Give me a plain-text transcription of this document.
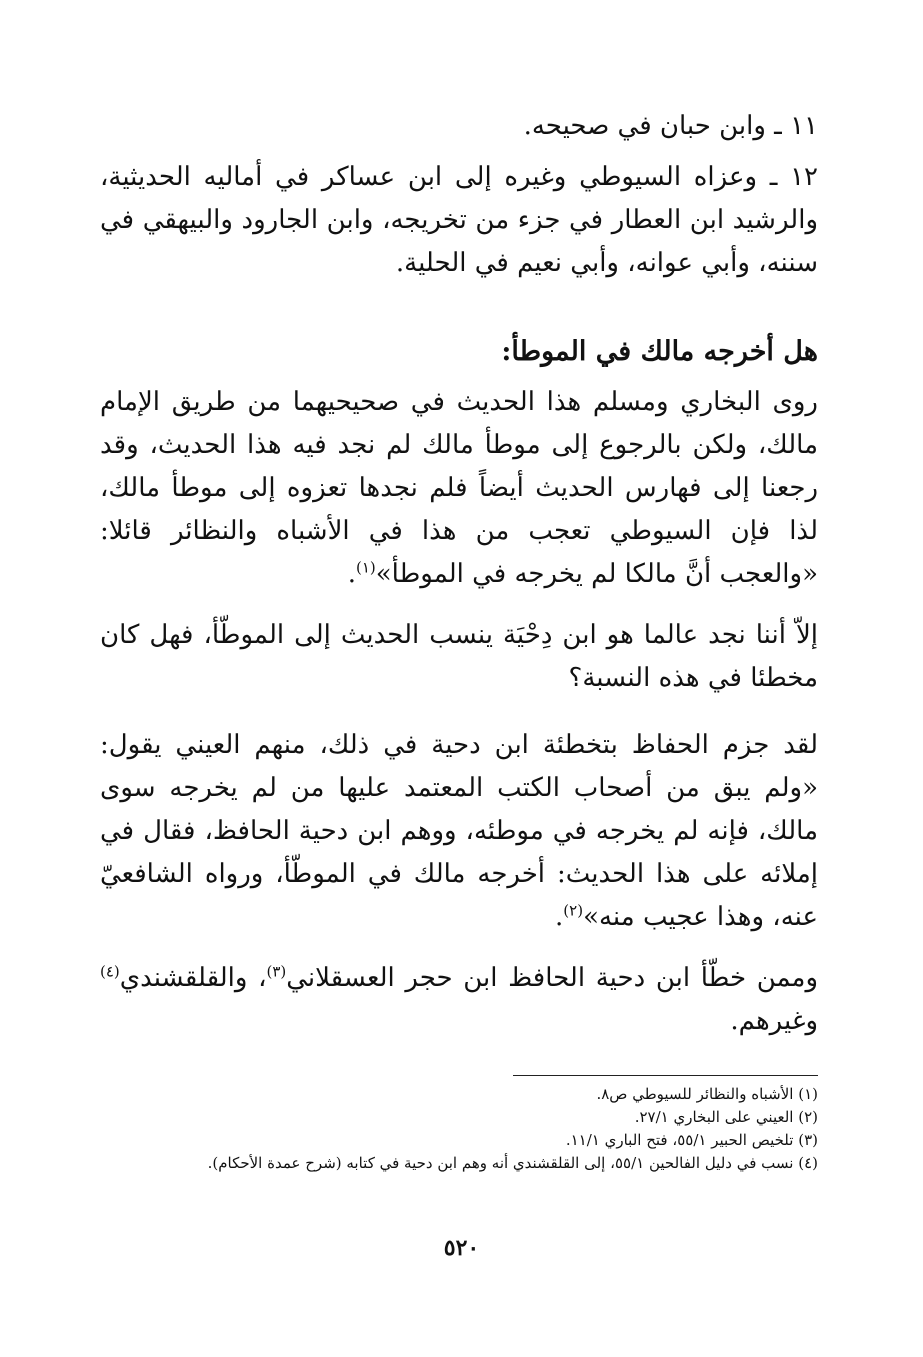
١١ ـ وابن حبان في صحيحه.

١٢ ـ وعزاه السيوطي وغيره إلى ابن عساكر في أماليه الحديثية، والرشيد ابن العطار في جزء من تخريجه، وابن الجارود والبيهقي في سننه، وأبي عوانه، وأبي نعيم في الحلية.

هل أخرجه مالك في الموطأ:

روى البخاري ومسلم هذا الحديث في صحيحيهما من طريق الإمام مالك، ولكن بالرجوع إلى موطأ مالك لم نجد فيه هذا الحديث، وقد رجعنا إلى فهارس الحديث أيضاً فلم نجدها تعزوه إلى موطأ مالك، لذا فإن السيوطي تعجب من هذا في الأشباه والنظائر قائلا: «والعجب أنَّ مالكا لم يخرجه في الموطأ»$^{(١)}$.

إلاّ أننا نجد عالما هو ابن دِحْيَة ينسب الحديث إلى الموطّأ، فهل كان مخطئا في هذه النسبة؟

لقد جزم الحفاظ بتخطئة ابن دحية في ذلك، منهم العيني يقول: «ولم يبق من أصحاب الكتب المعتمد عليها من لم يخرجه سوى مالك، فإنه لم يخرجه في موطئه، ووهم ابن دحية الحافظ، فقال في إملائه على هذا الحديث: أخرجه مالك في الموطّأ، ورواه الشافعيّ عنه، وهذا عجيب منه»$^{(٢)}$.

وممن خطّأ ابن دحية الحافظ ابن حجر العسقلاني$^{(٣)}$، والقلقشندي$^{(٤)}$ وغيرهم.

(١) الأشباه والنظائر للسيوطي ص٨.
(٢) العيني على البخاري ٢٧/١.
(٣) تلخيص الحبير ٥٥/١، فتح الباري ١١/١.
(٤) نسب في دليل الفالحين ٥٥/١، إلى القلقشندي أنه وهم ابن دحية في كتابه (شرح عمدة الأحكام).
٥٢٠
